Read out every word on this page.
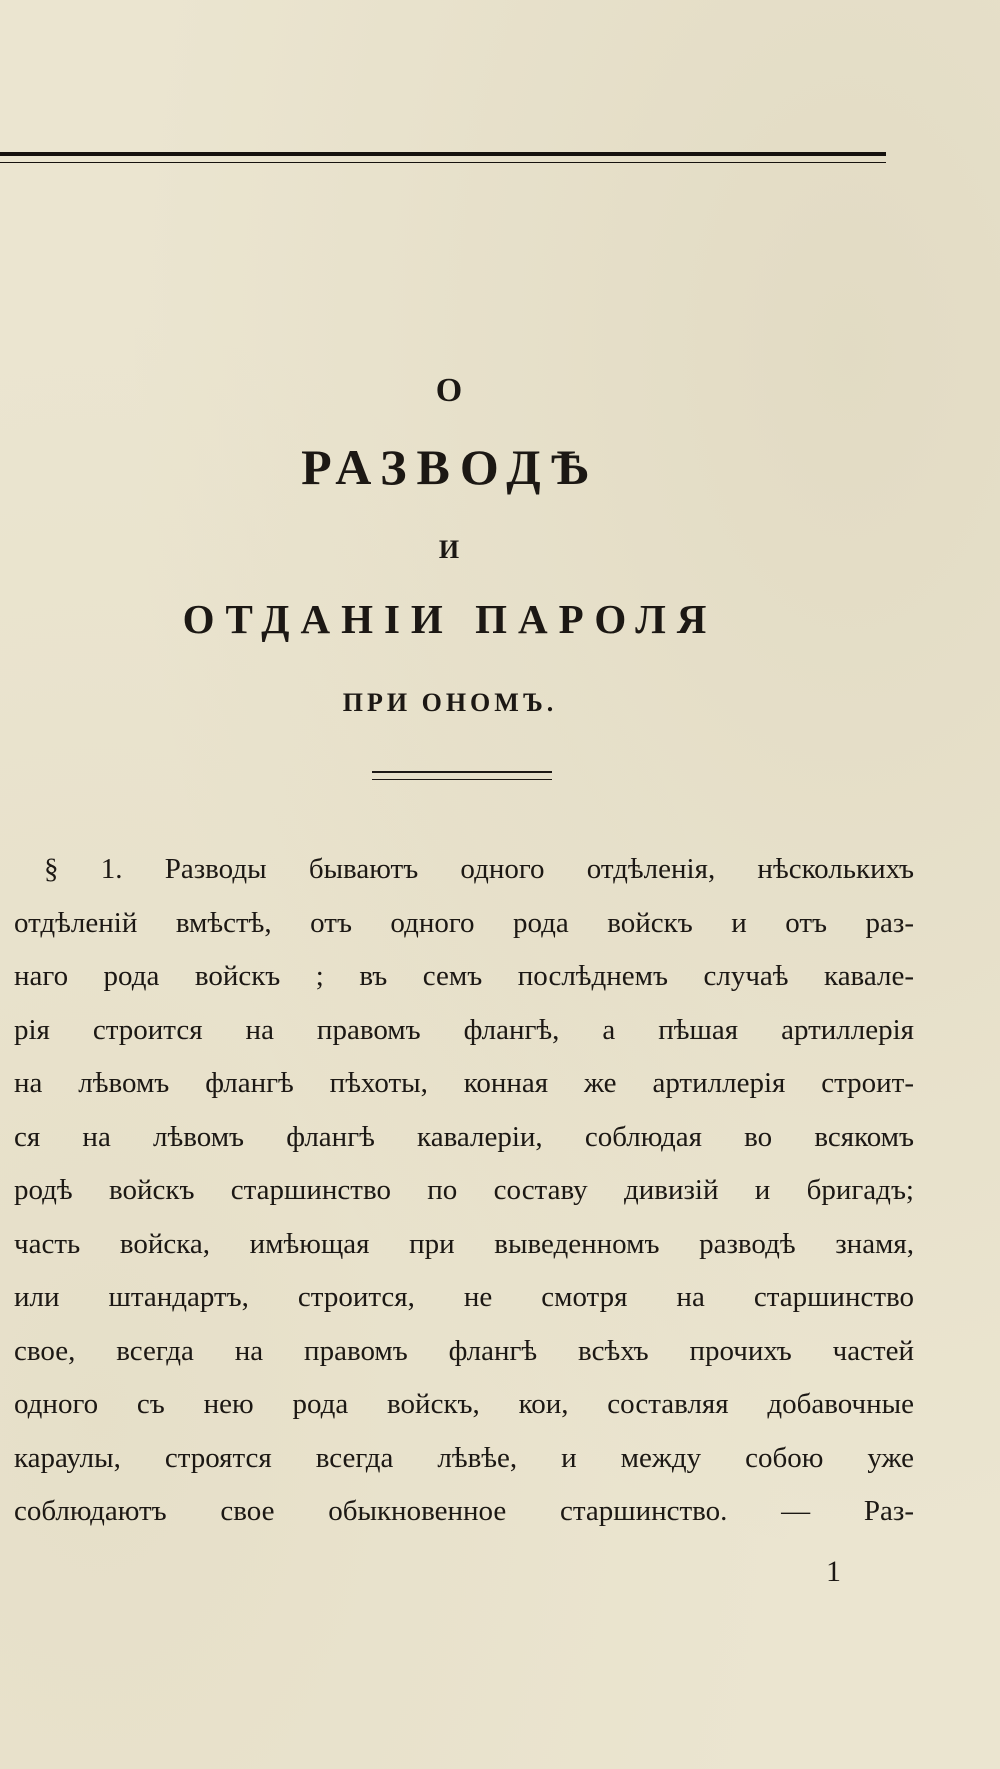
О
РАЗВОДѢ
И
ОТДАНІИ ПАРОЛЯ
ПРИ ОНОМЪ.
§ 1. Разводы бываютъ одного отдѣленія, нѣсколькихъ
отдѣленій вмѣстѣ, отъ одного рода войскъ и отъ раз-
наго рода войскъ ; въ семъ послѣднемъ случаѣ кавале-
рія строится на правомъ флангѣ, а пѣшая артиллерія
на лѣвомъ флангѣ пѣхоты, конная же артиллерія строит-
ся на лѣвомъ флангѣ кавалеріи, соблюдая во всякомъ
родѣ войскъ старшинство по составу дивизій и бригадъ;
часть войска, имѣющая при выведенномъ разводѣ знамя,
или штандартъ, строится, не смотря на старшинство
свое, всегда на правомъ флангѣ всѣхъ прочихъ частей
одного съ нею рода войскъ, кои, составляя добавочные
караулы, строятся всегда лѣвѣе, и между собою уже
соблюдаютъ свое обыкновенное старшинство. — Раз-
1
